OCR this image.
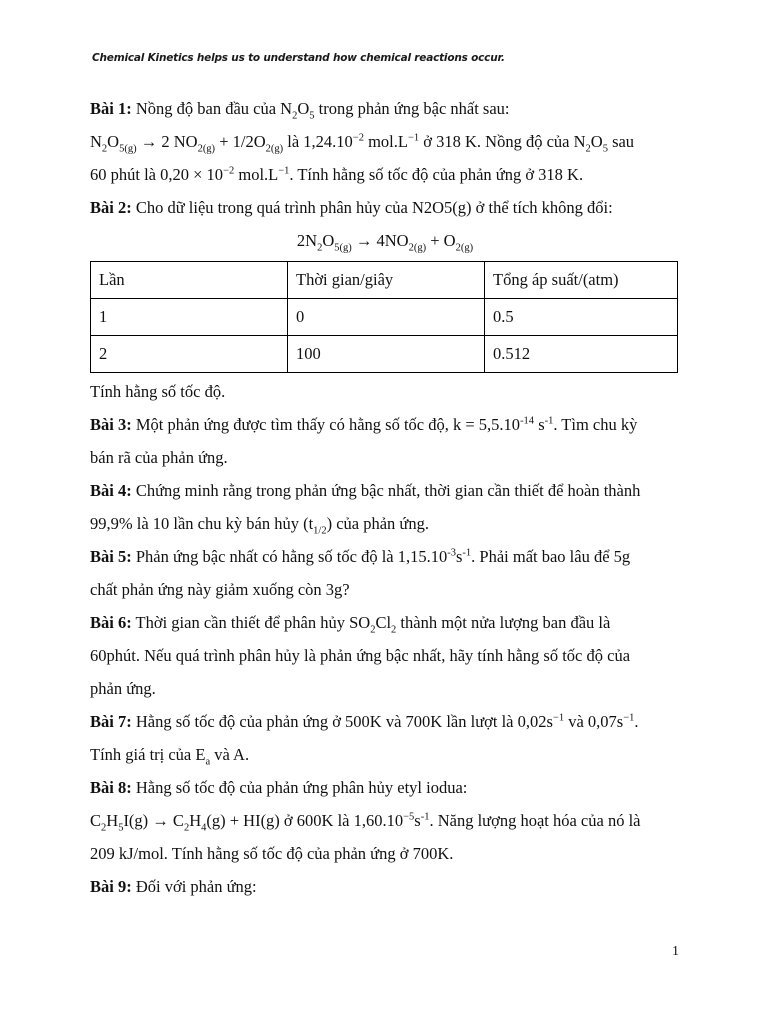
Chemical Kinetics helps us to understand how chemical reactions occur.

Bài 1: Nồng độ ban đầu của $N_2O_5$ trong phản ứng bậc nhất sau:

$N_2O_{5(g)} \to 2$ $NO_{2(g)} + 1/2O_{2(g)}$ là $1,24.10^{-2}$ $mol.L^{-1}$ ở 318 K. Nồng độ của $N_2O_5$ sau

60 phút là $0,20 \times 10^{-2}$ $mol.L^{-1}$. Tính hằng số tốc độ của phản ứng ở 318 K.

Bài 2: Cho dữ liệu trong quá trình phân hủy của N2O5(g) ở thể tích không đổi:

$2N_2O_{5(g)} \to 4NO_{2(g)} + O_{2(g)}$

Lần	Thời gian/giây	Tổng áp suất/(atm)
1	0	0.5
2	100	0.512

Tính hằng số tốc độ.

Bài 3: Một phản ứng được tìm thấy có hằng số tốc độ, $k = 5,5.10^{-14}$ $s^{-1}$. Tìm chu kỳ

bán rã của phản ứng.

Bài 4: Chứng minh rằng trong phản ứng bậc nhất, thời gian cần thiết để hoàn thành

99,9% là 10 lần chu kỳ bán hủy $(t_{1/2})$ của phản ứng.

Bài 5: Phản ứng bậc nhất có hằng số tốc độ là $1,15.10^{-3}s^{-1}$. Phải mất bao lâu để 5g

chất phản ứng này giảm xuống còn 3g?

Bài 6: Thời gian cần thiết để phân hủy $SO_2Cl_2$ thành một nửa lượng ban đầu là

60phút. Nếu quá trình phân hủy là phản ứng bậc nhất, hãy tính hằng số tốc độ của

phản ứng.

Bài 7: Hằng số tốc độ của phản ứng ở 500K và 700K lần lượt là $0,02s^{-1}$ và $0,07s^{-1}$.

Tính giá trị của $E_a$ và A.

Bài 8: Hằng số tốc độ của phản ứng phân hủy etyl iodua:

$C_2H_5I(g) \to C_2H_4(g) + HI(g)$ ở 600K là $1,60.10^{-5}s^{-1}$. Năng lượng hoạt hóa của nó là

209 kJ/mol. Tính hằng số tốc độ của phản ứng ở 700K.

Bài 9: Đối với phản ứng:

1
